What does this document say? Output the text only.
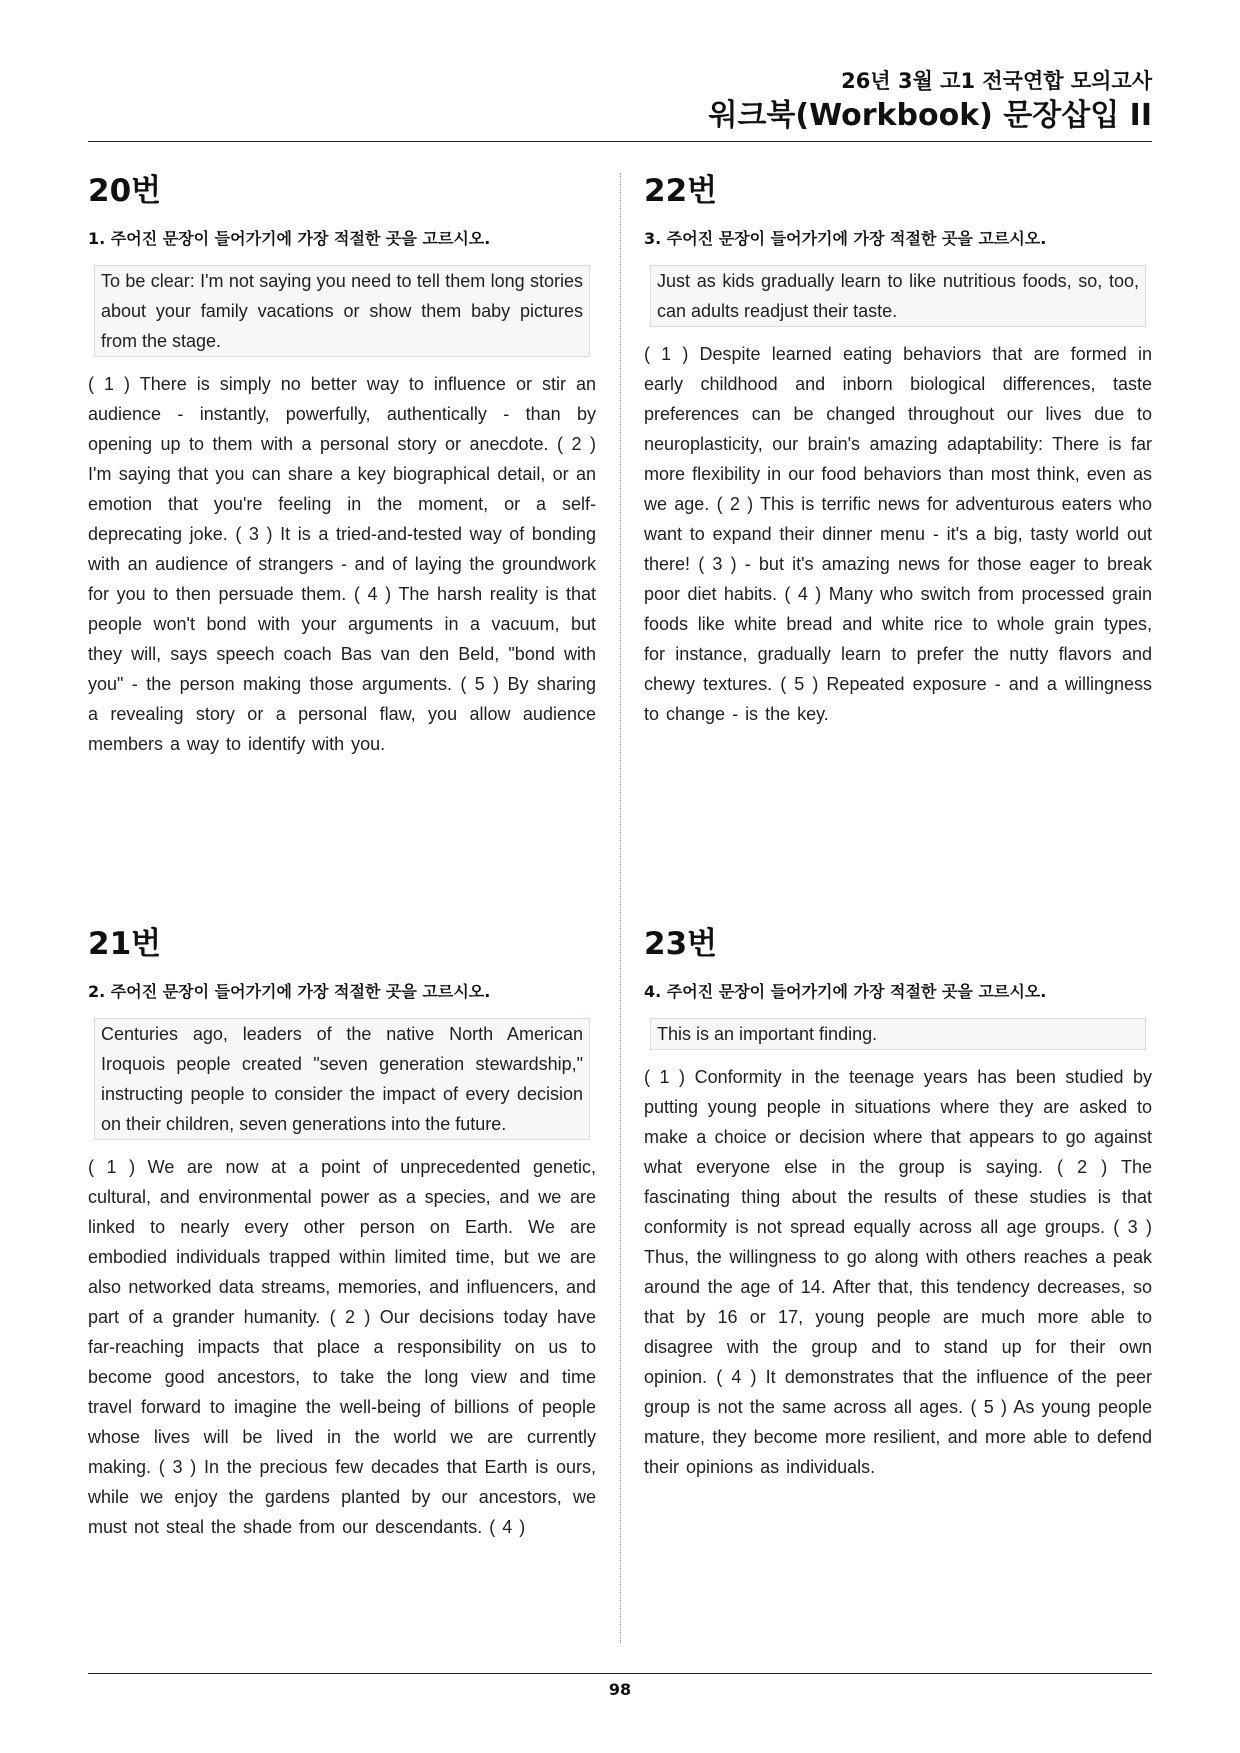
26년 3월 고1 전국연합 모의고사
워크북(Workbook) 문장삽입 II
20번
1. 주어진 문장이 들어가기에 가장 적절한 곳을 고르시오.
To be clear: I'm not saying you need to tell them long stories about your family vacations or show them baby pictures from the stage.
( 1 ) There is simply no better way to influence or stir an audience - instantly, powerfully, authentically - than by opening up to them with a personal story or anecdote. ( 2 ) I'm saying that you can share a key biographical detail, or an emotion that you're feeling in the moment, or a self-deprecating joke. ( 3 ) It is a tried-and-tested way of bonding with an audience of strangers - and of laying the groundwork for you to then persuade them. ( 4 ) The harsh reality is that people won't bond with your arguments in a vacuum, but they will, says speech coach Bas van den Beld, "bond with you" - the person making those arguments. ( 5 ) By sharing a revealing story or a personal flaw, you allow audience members a way to identify with you.
22번
3. 주어진 문장이 들어가기에 가장 적절한 곳을 고르시오.
Just as kids gradually learn to like nutritious foods, so, too, can adults readjust their taste.
( 1 ) Despite learned eating behaviors that are formed in early childhood and inborn biological differences, taste preferences can be changed throughout our lives due to neuroplasticity, our brain's amazing adaptability: There is far more flexibility in our food behaviors than most think, even as we age. ( 2 ) This is terrific news for adventurous eaters who want to expand their dinner menu - it's a big, tasty world out there! ( 3 ) - but it's amazing news for those eager to break poor diet habits. ( 4 ) Many who switch from processed grain foods like white bread and white rice to whole grain types, for instance, gradually learn to prefer the nutty flavors and chewy textures. ( 5 ) Repeated exposure - and a willingness to change - is the key.
21번
2. 주어진 문장이 들어가기에 가장 적절한 곳을 고르시오.
Centuries ago, leaders of the native North American Iroquois people created "seven generation stewardship," instructing people to consider the impact of every decision on their children, seven generations into the future.
( 1 ) We are now at a point of unprecedented genetic, cultural, and environmental power as a species, and we are linked to nearly every other person on Earth. We are embodied individuals trapped within limited time, but we are also networked data streams, memories, and influencers, and part of a grander humanity. ( 2 ) Our decisions today have far-reaching impacts that place a responsibility on us to become good ancestors, to take the long view and time travel forward to imagine the well-being of billions of people whose lives will be lived in the world we are currently making. ( 3 ) In the precious few decades that Earth is ours, while we enjoy the gardens planted by our ancestors, we must not steal the shade from our descendants. ( 4 )
23번
4. 주어진 문장이 들어가기에 가장 적절한 곳을 고르시오.
This is an important finding.
( 1 ) Conformity in the teenage years has been studied by putting young people in situations where they are asked to make a choice or decision where that appears to go against what everyone else in the group is saying. ( 2 ) The fascinating thing about the results of these studies is that conformity is not spread equally across all age groups. ( 3 ) Thus, the willingness to go along with others reaches a peak around the age of 14. After that, this tendency decreases, so that by 16 or 17, young people are much more able to disagree with the group and to stand up for their own opinion. ( 4 ) It demonstrates that the influence of the peer group is not the same across all ages. ( 5 ) As young people mature, they become more resilient, and more able to defend their opinions as individuals.
98
